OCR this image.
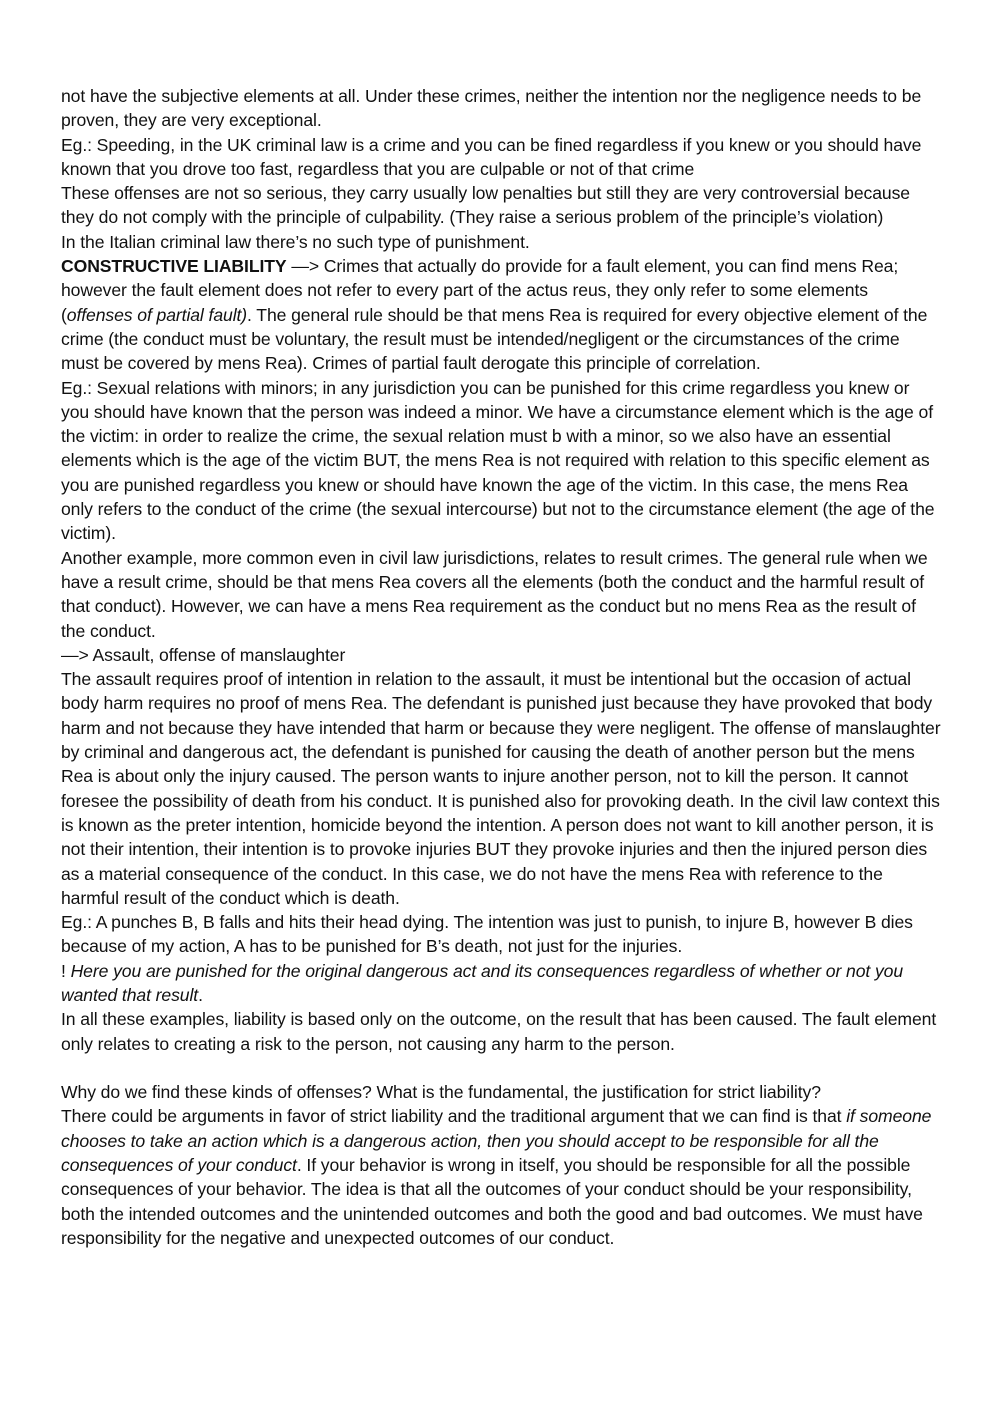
not have the subjective elements at all. Under these crimes, neither the intention nor the negligence needs to be proven, they are very exceptional.

Eg.: Speeding, in the UK criminal law is a crime and you can be fined regardless if you knew or you should have known that you drove too fast, regardless that you are culpable or not of that crime

These offenses are not so serious, they carry usually low penalties but still they are very controversial because they do not comply with the principle of culpability. (They raise a serious problem of the principle’s violation)

In the Italian criminal law there’s no such type of punishment.

CONSTRUCTIVE LIABILITY —> Crimes that actually do provide for a fault element, you can find mens Rea; however the fault element does not refer to every part of the actus reus, they only refer to some elements (offenses of partial fault). The general rule should be that mens Rea is required for every objective element of the crime (the conduct must be voluntary, the result must be intended/negligent or the circumstances of the crime must be covered by mens Rea). Crimes of partial fault derogate this principle of correlation.

Eg.: Sexual relations with minors; in any jurisdiction you can be punished for this crime regardless you knew or you should have known that the person was indeed a minor. We have a circumstance element which is the age of the victim: in order to realize the crime, the sexual relation must b with a minor, so we also have an essential elements which is the age of the victim BUT, the mens Rea is not required with relation to this specific element as you are punished regardless you knew or should have known the age of the victim. In this case, the mens Rea only refers to the conduct of the crime (the sexual intercourse) but not to the circumstance element (the age of the victim).

Another example, more common even in civil law jurisdictions, relates to result crimes. The general rule when we have a result crime, should be that mens Rea covers all the elements (both the conduct and the harmful result of that conduct). However, we can have a mens Rea requirement as the conduct but no mens Rea as the result of the conduct.

—> Assault, offense of manslaughter

The assault requires proof of intention in relation to the assault, it must be intentional but the occasion of actual body harm requires no proof of mens Rea. The defendant is punished just because they have provoked that body harm and not because they have intended that harm or because they were negligent. The offense of manslaughter by criminal and dangerous act, the defendant is punished for causing the death of another person but the mens Rea is about only the injury caused. The person wants to injure another person, not to kill the person. It cannot foresee the possibility of death from his conduct. It is punished also for provoking death. In the civil law context this is known as the preter intention, homicide beyond the intention. A person does not want to kill another person, it is not their intention, their intention is to provoke injuries BUT they provoke injuries and then the injured person dies as a material consequence of the conduct. In this case, we do not have the mens Rea with reference to the harmful result of the conduct which is death.

Eg.: A punches B, B falls and hits their head dying. The intention was just to punish, to injure B, however B dies because of my action, A has to be punished for B’s death, not just for the injuries.

! Here you are punished for the original dangerous act and its consequences regardless of whether or not you wanted that result.

In all these examples, liability is based only on the outcome, on the result that has been caused. The fault element only relates to creating a risk to the person, not causing any harm to the person.

Why do we find these kinds of offenses? What is the fundamental, the justification for strict liability?

There could be arguments in favor of strict liability and the traditional argument that we can find is that if someone chooses to take an action which is a dangerous action, then you should accept to be responsible for all the consequences of your conduct. If your behavior is wrong in itself, you should be responsible for all the possible consequences of your behavior. The idea is that all the outcomes of your conduct should be your responsibility, both the intended outcomes and the unintended outcomes and both the good and bad outcomes. We must have responsibility for the negative and unexpected outcomes of our conduct.
